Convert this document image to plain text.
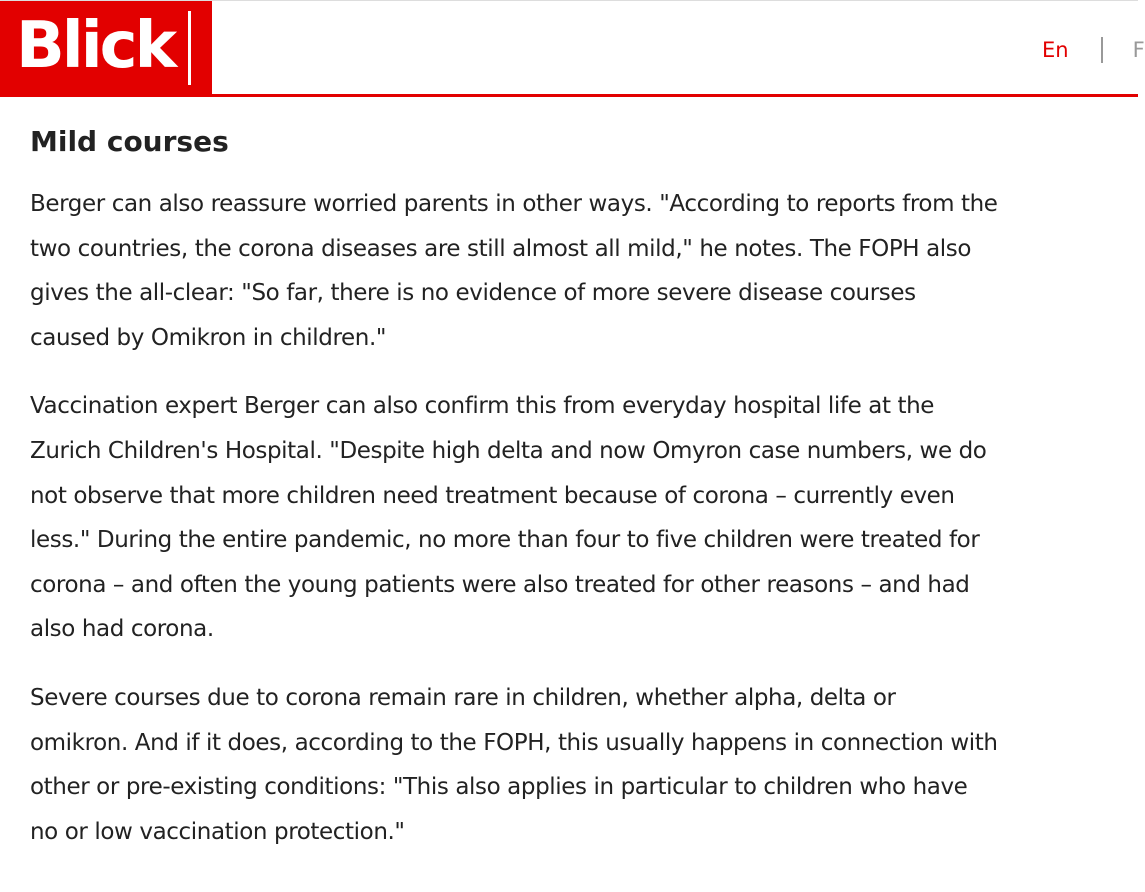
Blick	En	F
Mild courses

Berger can also reassure worried parents in other ways. "According to reports from the two countries, the corona diseases are still almost all mild," he notes. The FOPH also gives the all-clear: "So far, there is no evidence of more severe disease courses caused by Omikron in children."

Vaccination expert Berger can also confirm this from everyday hospital life at the Zurich Children's Hospital. "Despite high delta and now Omyron case numbers, we do not observe that more children need treatment because of corona – currently even less." During the entire pandemic, no more than four to five children were treated for corona – and often the young patients were also treated for other reasons – and had also had corona.

Severe courses due to corona remain rare in children, whether alpha, delta or omikron. And if it does, according to the FOPH, this usually happens in connection with other or pre-existing conditions: "This also applies in particular to children who have no or low vaccination protection."
